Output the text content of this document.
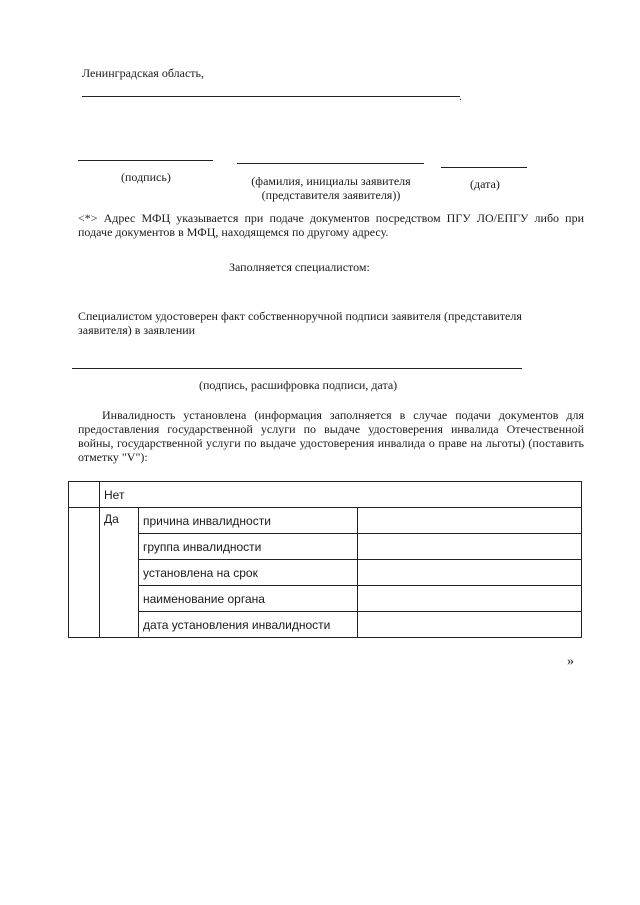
Ленинградская область,
.
(подпись)	(фамилия, инициалы заявителя (представителя заявителя))
(дата)
<*> Адрес МФЦ указывается при подаче документов посредством ПГУ ЛО/ЕПГУ либо при подаче документов в МФЦ, находящемся по другому адресу.
Заполняется специалистом:
Специалистом удостоверен факт собственноручной подписи заявителя (представителя заявителя) в заявлении
(подпись, расшифровка подписи, дата)
Инвалидность установлена (информация заполняется в случае подачи документов для предоставления государственной услуги по выдаче удостоверения инвалида Отечественной войны, государственной услуги по выдаче удостоверения инвалида о праве на льготы) (поставить отметку "V"):
	Нет		
	Да	причина инвалидности	
		группа инвалидности	
		установлена на срок	
		наименование органа	
		дата установления инвалидности	
»
